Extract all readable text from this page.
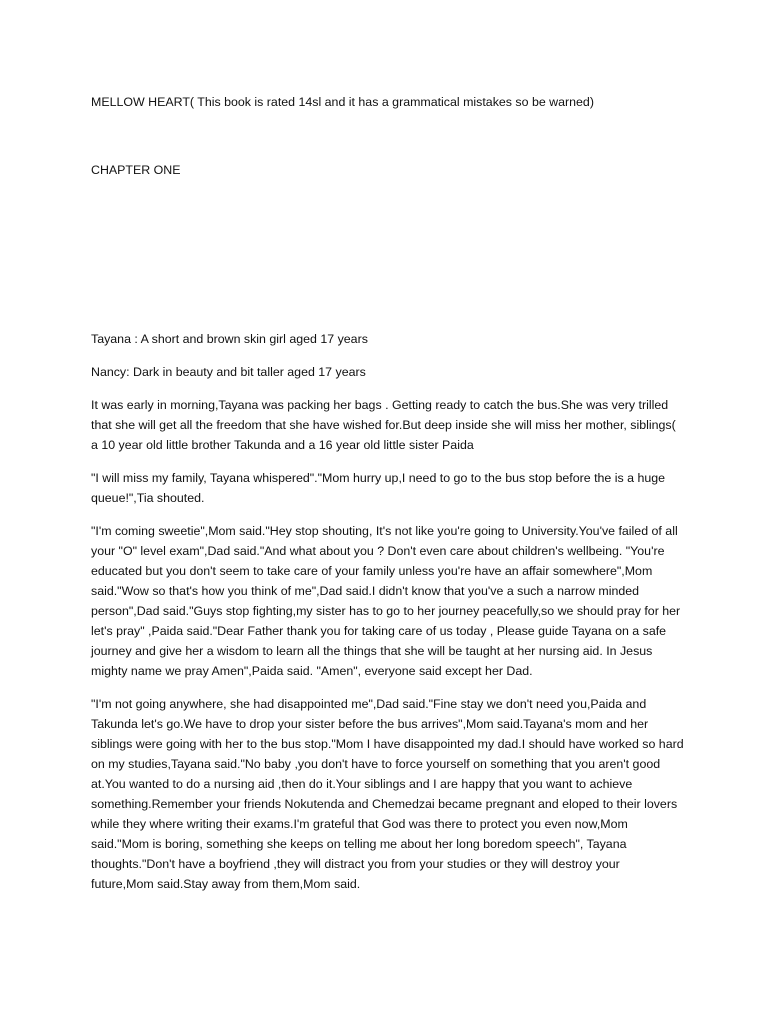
MELLOW HEART( This book is rated 14sl and it has a grammatical mistakes so be warned)
CHAPTER ONE

Tayana : A short and brown skin girl aged 17 years

Nancy: Dark in beauty and bit taller aged 17 years

It was early in morning,Tayana was packing her bags . Getting ready to catch the bus.She was very trilled that she will get all the freedom that she have wished for.But deep inside she will miss her mother, siblings( a 10 year old little brother Takunda and a 16 year old little sister Paida

"I will miss my family, Tayana whispered"."Mom hurry up,I need to go to the bus stop before the is a huge queue!",Tia shouted.

"I'm coming sweetie",Mom said."Hey stop shouting, It's not like you're going to University.You've failed of all your "O" level exam",Dad said."And what about you ? Don't even care about children's wellbeing. "You're educated but you don't seem to take care of your family unless you're have an affair somewhere",Mom said."Wow so that's how you think of me",Dad said.I didn't know that you've a such a narrow minded person",Dad said."Guys stop fighting,my sister has to go to her journey peacefully,so we should pray for her let's pray" ,Paida said."Dear Father thank you for taking care of us today , Please guide Tayana on a safe journey and give her a wisdom to learn all the things that she will be taught at her nursing aid. In Jesus mighty name we pray Amen",Paida said. "Amen", everyone said except her Dad.

"I'm not going anywhere, she had disappointed me",Dad said."Fine stay we don't need you,Paida and Takunda let's go.We have to drop your sister before the bus arrives",Mom said.Tayana's mom and her siblings were going with her to the bus stop."Mom I have disappointed my dad.I should have worked so hard on my studies,Tayana said."No baby ,you don't have to force yourself on something that you aren't good at.You wanted to do a nursing aid ,then do it.Your siblings and I are happy that you want to achieve something.Remember your friends Nokutenda and Chemedzai became pregnant and eloped to their lovers while they where writing their exams.I'm grateful that God was there to protect you even now,Mom said."Mom is boring, something she keeps on telling me about her long boredom speech", Tayana thoughts."Don't have a boyfriend ,they will distract you from your studies or they will destroy your future,Mom said.Stay away from them,Mom said.
